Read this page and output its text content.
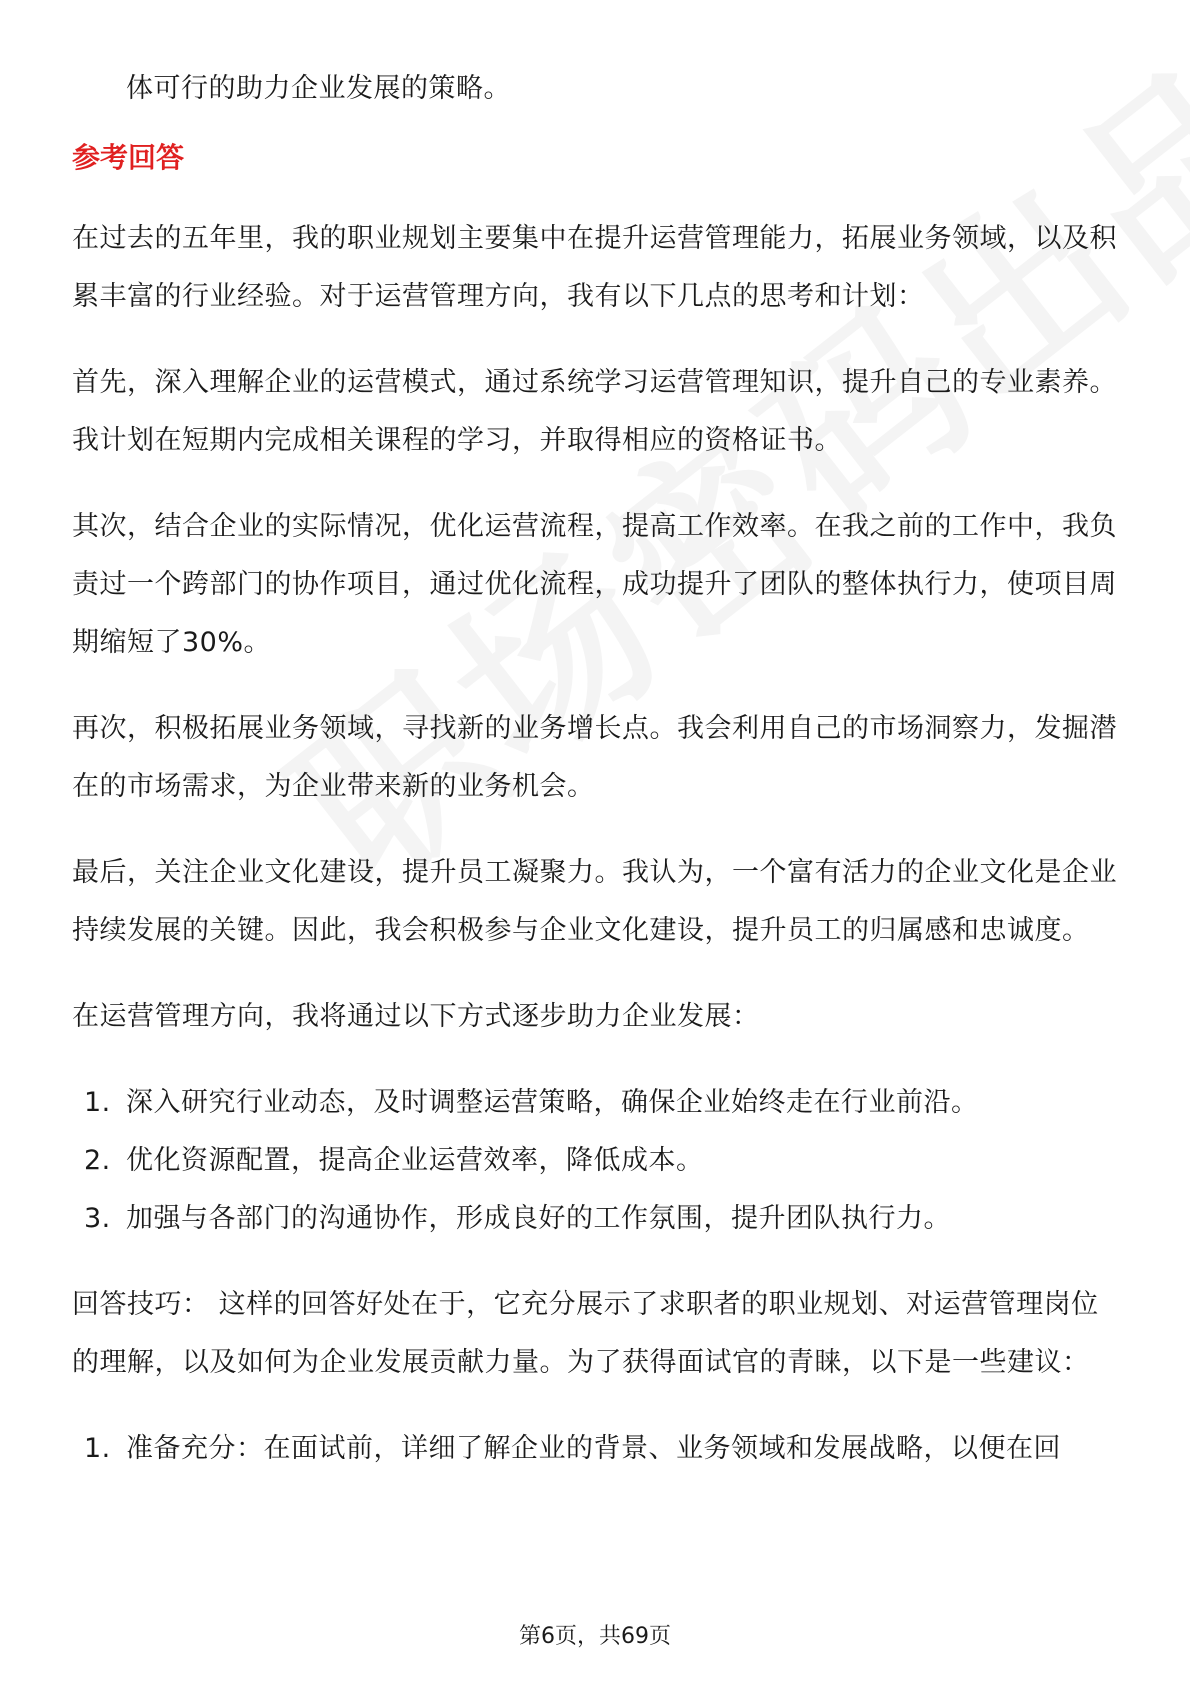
体可行的助力企业发展的策略。

参考回答

在过去的五年里，我的职业规划主要集中在提升运营管理能力，拓展业务领域，以及积累丰富的行业经验。对于运营管理方向，我有以下几点的思考和计划：

首先，深入理解企业的运营模式，通过系统学习运营管理知识，提升自己的专业素养。我计划在短期内完成相关课程的学习，并取得相应的资格证书。

其次，结合企业的实际情况，优化运营流程，提高工作效率。在我之前的工作中，我负责过一个跨部门的协作项目，通过优化流程，成功提升了团队的整体执行力，使项目周期缩短了30%。

再次，积极拓展业务领域，寻找新的业务增长点。我会利用自己的市场洞察力，发掘潜在的市场需求，为企业带来新的业务机会。

最后，关注企业文化建设，提升员工凝聚力。我认为，一个富有活力的企业文化是企业持续发展的关键。因此，我会积极参与企业文化建设，提升员工的归属感和忠诚度。

在运营管理方向，我将通过以下方式逐步助力企业发展：

1. 深入研究行业动态，及时调整运营策略，确保企业始终走在行业前沿。
2. 优化资源配置，提高企业运营效率，降低成本。
3. 加强与各部门的沟通协作，形成良好的工作氛围，提升团队执行力。

回答技巧： 这样的回答好处在于，它充分展示了求职者的职业规划、对运营管理岗位的理解，以及如何为企业发展贡献力量。为了获得面试官的青睐，以下是一些建议：

1. 准备充分：在面试前，详细了解企业的背景、业务领域和发展战略，以便在回
第6页，共69页
